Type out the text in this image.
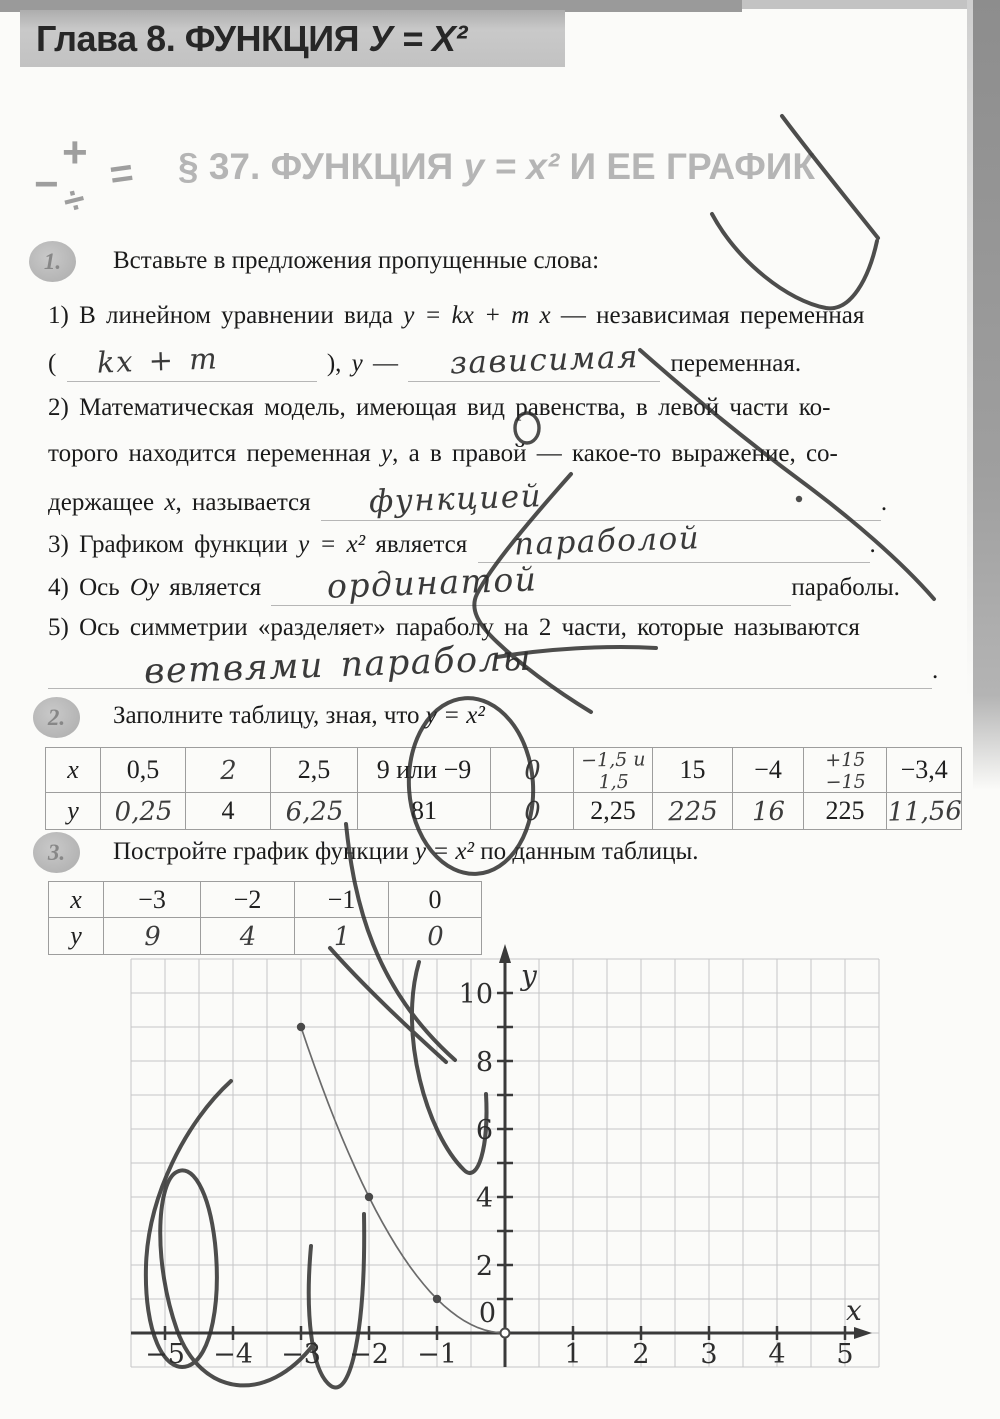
Глава 8. ФУНКЦИЯ У = Х²
+
− ÷
= § 37. ФУНКЦИЯ у = х² И ЕЕ ГРАФИК
1.	Вставьте в предложения пропущенные слова:
1) В линейном уравнении вида у = kx + m х — независимая переменная
( kx + m	), у — зависимая переменная.
2) Математическая модель, имеющая вид равенства, в левой части ко-
торого находится переменная у, а в правой — какое-то выражение, со-
держащее х, называется функцией	.
3) Графиком функции у = х² является параболой	.
4) Ось Оу является ординатой	параболы.
5) Ось симметрии «разделяет» параболу на 2 части, которые называются
ветвями параболы	.
2.	Заполните таблицу, зная, что у = х²
х	0,5	2	2,5	9 или −9	0	−1,5 и 1,5	15	−4	+15 −15	−3,4
у	0,25	4	6,25	81	0	2,25	225	16	225	11,56
3.	Постройте график функции у = х² по данным таблицы.
х	−3	−2	−1	0
у	9	4	1	0
2
4
6
8
10
0
−5 −4 −3 −2 −1	1 2 3 4 5
y
x
